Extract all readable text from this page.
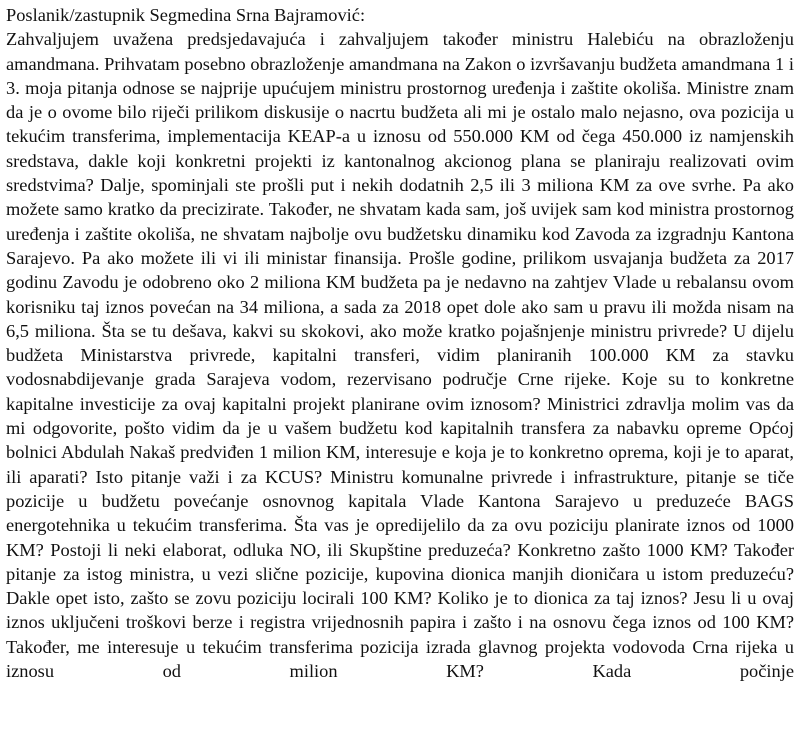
Poslanik/zastupnik Segmedina Srna Bajramović:

Zahvaljujem uvažena predsjedavajuća i zahvaljujem također ministru Halebiću na obrazloženju amandmana. Prihvatam posebno obrazloženje amandmana na Zakon o izvršavanju budžeta amandmana 1 i 3. moja pitanja odnose se najprije upućujem ministru prostornog uređenja i zaštite okoliša. Ministre znam da je o ovome bilo riječi prilikom diskusije o nacrtu budžeta ali mi je ostalo malo nejasno, ova pozicija u tekućim transferima, implementacija KEAP-a u iznosu od 550.000 KM od čega 450.000 iz namjenskih sredstava, dakle koji konkretni projekti iz kantonalnog akcionog plana se planiraju realizovati ovim sredstvima? Dalje, spominjali ste prošli put i nekih dodatnih 2,5 ili 3 miliona KM za ove svrhe. Pa ako možete samo kratko da precizirate. Također, ne shvatam kada sam, još uvijek sam kod ministra prostornog uređenja i zaštite okoliša, ne shvatam najbolje ovu budžetsku dinamiku kod Zavoda za izgradnju Kantona Sarajevo. Pa ako možete ili vi ili ministar finansija. Prošle godine, prilikom usvajanja budžeta za 2017 godinu Zavodu je odobreno oko 2 miliona KM budžeta pa je nedavno na zahtjev Vlade u rebalansu ovom korisniku taj iznos povećan na 34 miliona, a sada za 2018 opet dole ako sam u pravu ili možda nisam na 6,5 miliona. Šta se tu dešava, kakvi su skokovi, ako može kratko pojašnjenje ministru privrede? U dijelu budžeta Ministarstva privrede, kapitalni transferi, vidim planiranih 100.000 KM za stavku vodosnabdijevanje grada Sarajeva vodom, rezervisano područje Crne rijeke. Koje su to konkretne kapitalne investicije za ovaj kapitalni projekt planirane ovim iznosom? Ministrici zdravlja molim vas da mi odgovorite, pošto vidim da je u vašem budžetu kod kapitalnih transfera za nabavku opreme Općoj bolnici Abdulah Nakaš predviđen 1 milion KM, interesuje e koja je to konkretno oprema, koji je to aparat, ili aparati? Isto pitanje važi i za KCUS? Ministru komunalne privrede i infrastrukture, pitanje se tiče pozicije u budžetu povećanje osnovnog kapitala Vlade Kantona Sarajevo u preduzeće BAGS energotehnika u tekućim transferima. Šta vas je opredijelilo da za ovu poziciju planirate iznos od 1000 KM? Postoji li neki elaborat, odluka NO, ili Skupštine preduzeća? Konkretno zašto 1000 KM? Također pitanje za istog ministra, u vezi slične pozicije, kupovina dionica manjih dioničara u istom preduzeću? Dakle opet isto, zašto se zovu poziciju locirali 100 KM? Koliko je to dionica za taj iznos? Jesu li u ovaj iznos uključeni troškovi berze i registra vrijednosnih papira i zašto i na osnovu čega iznos od 100 KM? Također, me interesuje u tekućim transferima pozicija izrada glavnog projekta vodovoda Crna rijeka u iznosu od milion KM? Kada počinje
